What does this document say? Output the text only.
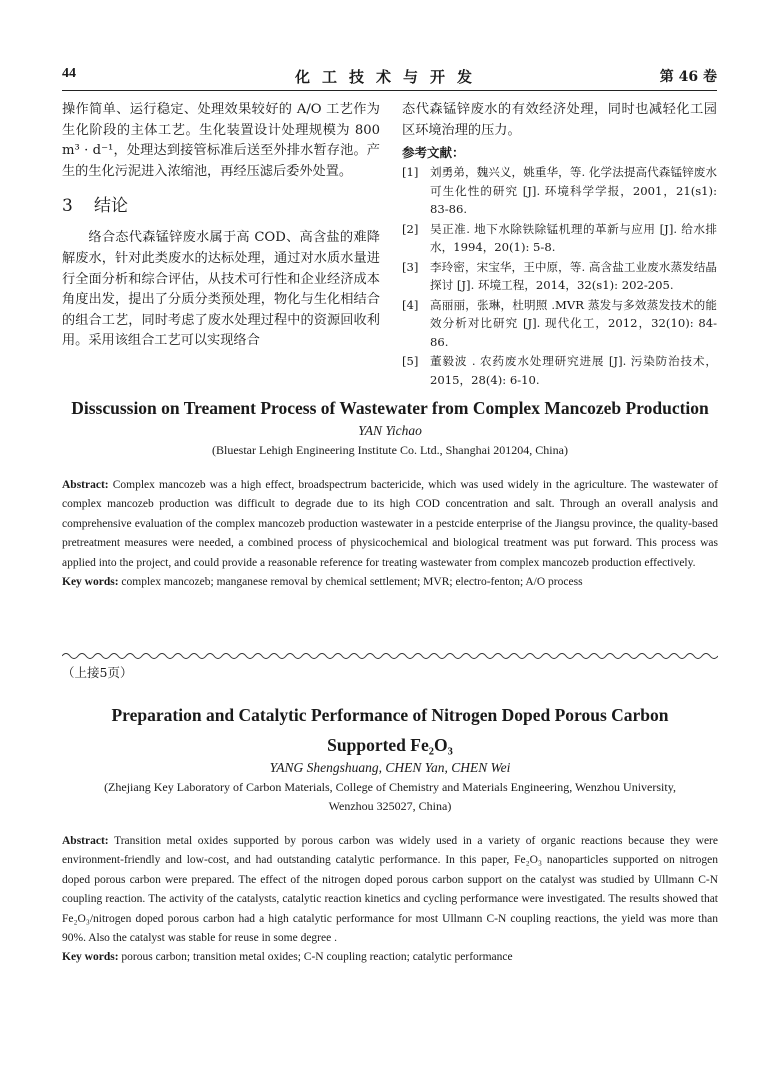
44	化工技术与开发	第 46 卷

操作简单、运行稳定、处理效果较好的 A/O 工艺作为生化阶段的主体工艺。生化装置设计处理规模为 800 m³ · d⁻¹，处理达到接管标准后送至外排水暂存池。产生的生化污泥进入浓缩池，再经压滤后委外处置。

3 结论

络合态代森锰锌废水属于高 COD、高含盐的难降解废水，针对此类废水的达标处理，通过对水质水量进行全面分析和综合评估，从技术可行性和企业经济成本角度出发，提出了分质分类预处理，物化与生化相结合的组合工艺，同时考虑了废水处理过程中的资源回收利用。采用该组合工艺可以实现络合

态代森锰锌废水的有效经济处理，同时也减轻化工园区环境治理的压力。

参考文献：
[1] 刘勇弟，魏兴义，姚重华，等. 化学法提高代森锰锌废水可生化性的研究 [J]. 环境科学学报，2001，21(s1): 83-86.
[2] 吴正准. 地下水除铁除锰机理的革新与应用 [J]. 给水排水，1994，20(1): 5-8.
[3] 李玲密，宋宝华，王中原，等. 高含盐工业废水蒸发结晶探讨 [J]. 环境工程，2014，32(s1): 202-205.
[4] 高丽丽，张琳，杜明照 .MVR 蒸发与多效蒸发技术的能效分析对比研究 [J]. 现代化工，2012，32(10): 84-86.
[5] 董毅波 . 农药废水处理研究进展 [J]. 污染防治技术，2015，28(4): 6-10.
Disscussion on Treament Process of Wastewater from Complex Mancozeb Production
YAN Yichao
(Bluestar Lehigh Engineering Institute Co. Ltd., Shanghai 201204, China)
Abstract: Complex mancozeb was a high effect, broadspectrum bactericide, which was used widely in the agriculture. The wastewater of complex mancozeb production was difficult to degrade due to its high COD concentration and salt. Through an overall analysis and comprehensive evaluation of the complex mancozeb production wastewater in a pestcide enterprise of the Jiangsu province, the quality-based pretreatment measures were needed, a combined process of physicochemical and biological treatment was put forward. This process was applied into the project, and could provide a reasonable reference for treating wastewater from complex mancozeb production effectively.
Key words: complex mancozeb; manganese removal by chemical settlement; MVR; electro-fenton; A/O process
（上接5页）
Preparation and Catalytic Performance of Nitrogen Doped Porous Carbon
Supported Fe₂O₃
YANG Shengshuang, CHEN Yan, CHEN Wei
(Zhejiang Key Laboratory of Carbon Materials, College of Chemistry and Materials Engineering, Wenzhou University,
Wenzhou 325027, China)
Abstract: Transition metal oxides supported by porous carbon was widely used in a variety of organic reactions because they were environment-friendly and low-cost, and had outstanding catalytic performance. In this paper, Fe₂O₃ nanoparticles supported on nitrogen doped porous carbon were prepared. The effect of the nitrogen doped porous carbon support on the catalyst was studied by Ullmann C-N coupling reaction. The activity of the catalysts, catalytic reaction kinetics and cycling performance were investigated. The results showed that Fe₂O₃/nitrogen doped porous carbon had a high catalytic performance for most Ullmann C-N coupling reactions, the yield was more than 90%. Also the catalyst was stable for reuse in some degree .
Key words: porous carbon; transition metal oxides; C-N coupling reaction; catalytic performance
